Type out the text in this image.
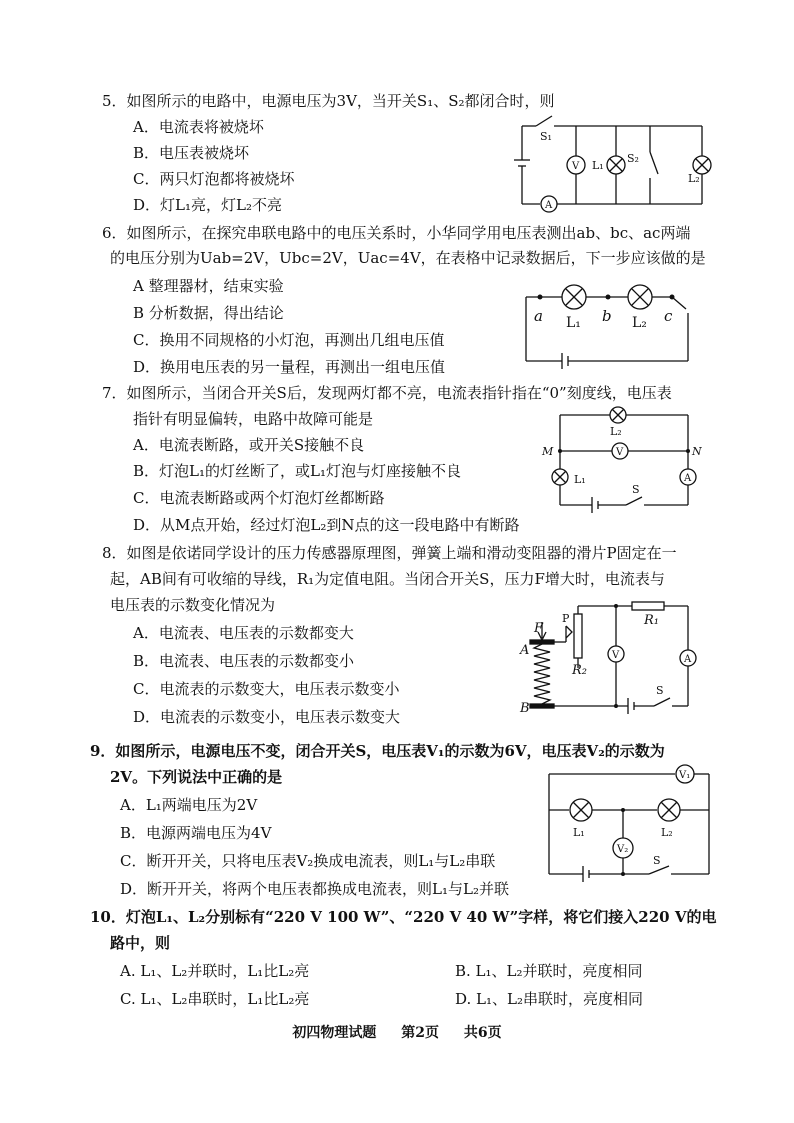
5．如图所示的电路中，电源电压为3V，当开关S₁、S₂都闭合时，则
A．电流表将被烧坏
B．电压表被烧坏
C．两只灯泡都将被烧坏
D．灯L₁亮，灯L₂不亮
S₁
V L₁
S₂
L₂
A
6．如图所示，在探究串联电路中的电压关系时，小华同学用电压表测出ab、bc、ac两端
的电压分别为Uab=2V，Ubc=2V，Uac=4V，在表格中记录数据后，下一步应该做的是
A 整理器材，结束实验
B 分析数据，得出结论
C．换用不同规格的小灯泡，再测出几组电压值
D．换用电压表的另一量程，再测出一组电压值
a	b	c
L₁	L₂
7．如图所示，当闭合开关S后，发现两灯都不亮，电流表指针指在“0”刻度线，电压表
指针有明显偏转，电路中故障可能是
A．电流表断路，或开关S接触不良
B．灯泡L₁的灯丝断了，或L₁灯泡与灯座接触不良
C．电流表断路或两个灯泡灯丝都断路
D．从M点开始，经过灯泡L₂到N点的这一段电路中有断路
L₂
M	V	N
L₁
S
A
8．如图是依诺同学设计的压力传感器原理图，弹簧上端和滑动变阻器的滑片P固定在一
起，AB间有可收缩的导线，R₁为定值电阻。当闭合开关S，压力F增大时，电流表与
电压表的示数变化情况为
A．电流表、电压表的示数都变大
B．电流表、电压表的示数都变小
C．电流表的示数变大，电压表示数变小
D．电流表的示数变小，电压表示数变大
F
A
R₁
R₂
B
P
V	A
S
9．如图所示，电源电压不变，闭合开关S，电压表V₁的示数为6V，电压表V₂的示数为
2V。下列说法中正确的是
A．L₁两端电压为2V
B．电源两端电压为4V
C．断开开关，只将电压表V₂换成电流表，则L₁与L₂串联
D．断开开关，将两个电压表都换成电流表，则L₁与L₂并联
V₁
L₁	L₂
V₂
S
10．灯泡L₁、L₂分别标有“220 V 100 W”、“220 V 40 W”字样，将它们接入220 V的电
路中，则
A. L₁、L₂并联时，L₁比L₂亮	B. L₁、L₂并联时，亮度相同
C. L₁、L₂串联时，L₁比L₂亮	D. L₁、L₂串联时，亮度相同
初四物理试题 第2页 共6页
